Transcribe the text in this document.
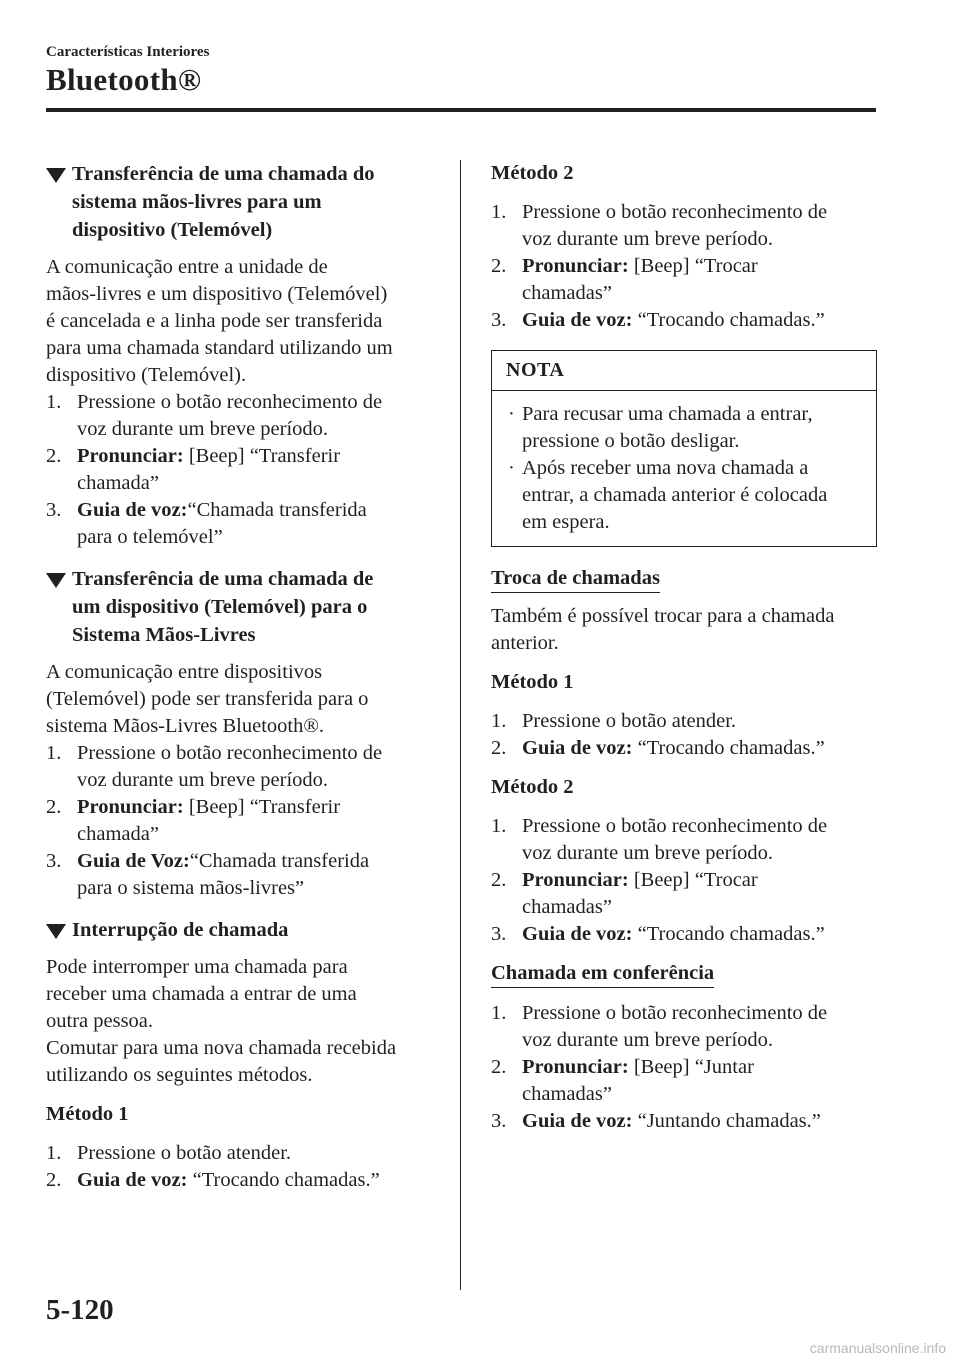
Características Interiores
Bluetooth®
Transferência de uma chamada do
sistema mãos-livres para um
dispositivo (Telemóvel)

A comunicação entre a unidade de
mãos-livres e um dispositivo (Telemóvel)
é cancelada e a linha pode ser transferida
para uma chamada standard utilizando um
dispositivo (Telemóvel).

1. Pressione o botão reconhecimento de
voz durante um breve período.
2. Pronunciar: [Beep] “Transferir
chamada”
3. Guia de voz:“Chamada transferida
para o telemóvel”
Transferência de uma chamada de
um dispositivo (Telemóvel) para o
Sistema Mãos-Livres

A comunicação entre dispositivos
(Telemóvel) pode ser transferida para o
sistema Mãos-Livres Bluetooth®.

1. Pressione o botão reconhecimento de
voz durante um breve período.
2. Pronunciar: [Beep] “Transferir
chamada”
3. Guia de Voz:“Chamada transferida
para o sistema mãos-livres”
Interrupção de chamada

Pode interromper uma chamada para
receber uma chamada a entrar de uma
outra pessoa.
Comutar para uma nova chamada recebida
utilizando os seguintes métodos.

Método 1
1. Pressione o botão atender.
2. Guia de voz: “Trocando chamadas.”
Método 2
1. Pressione o botão reconhecimento de
voz durante um breve período.
2. Pronunciar: [Beep] “Trocar
chamadas”
3. Guia de voz: “Trocando chamadas.”
NOTA
· Para recusar uma chamada a entrar,
pressione o botão desligar.
· Após receber uma nova chamada a
entrar, a chamada anterior é colocada
em espera.
Troca de chamadas

Também é possível trocar para a chamada
anterior.

Método 1
1. Pressione o botão atender.
2. Guia de voz: “Trocando chamadas.”
Método 2
1. Pressione o botão reconhecimento de
voz durante um breve período.
2. Pronunciar: [Beep] “Trocar
chamadas”
3. Guia de voz: “Trocando chamadas.”
Chamada em conferência
1. Pressione o botão reconhecimento de
voz durante um breve período.
2. Pronunciar: [Beep] “Juntar
chamadas”
3. Guia de voz: “Juntando chamadas.”
5-120
carmanualsonline.info
